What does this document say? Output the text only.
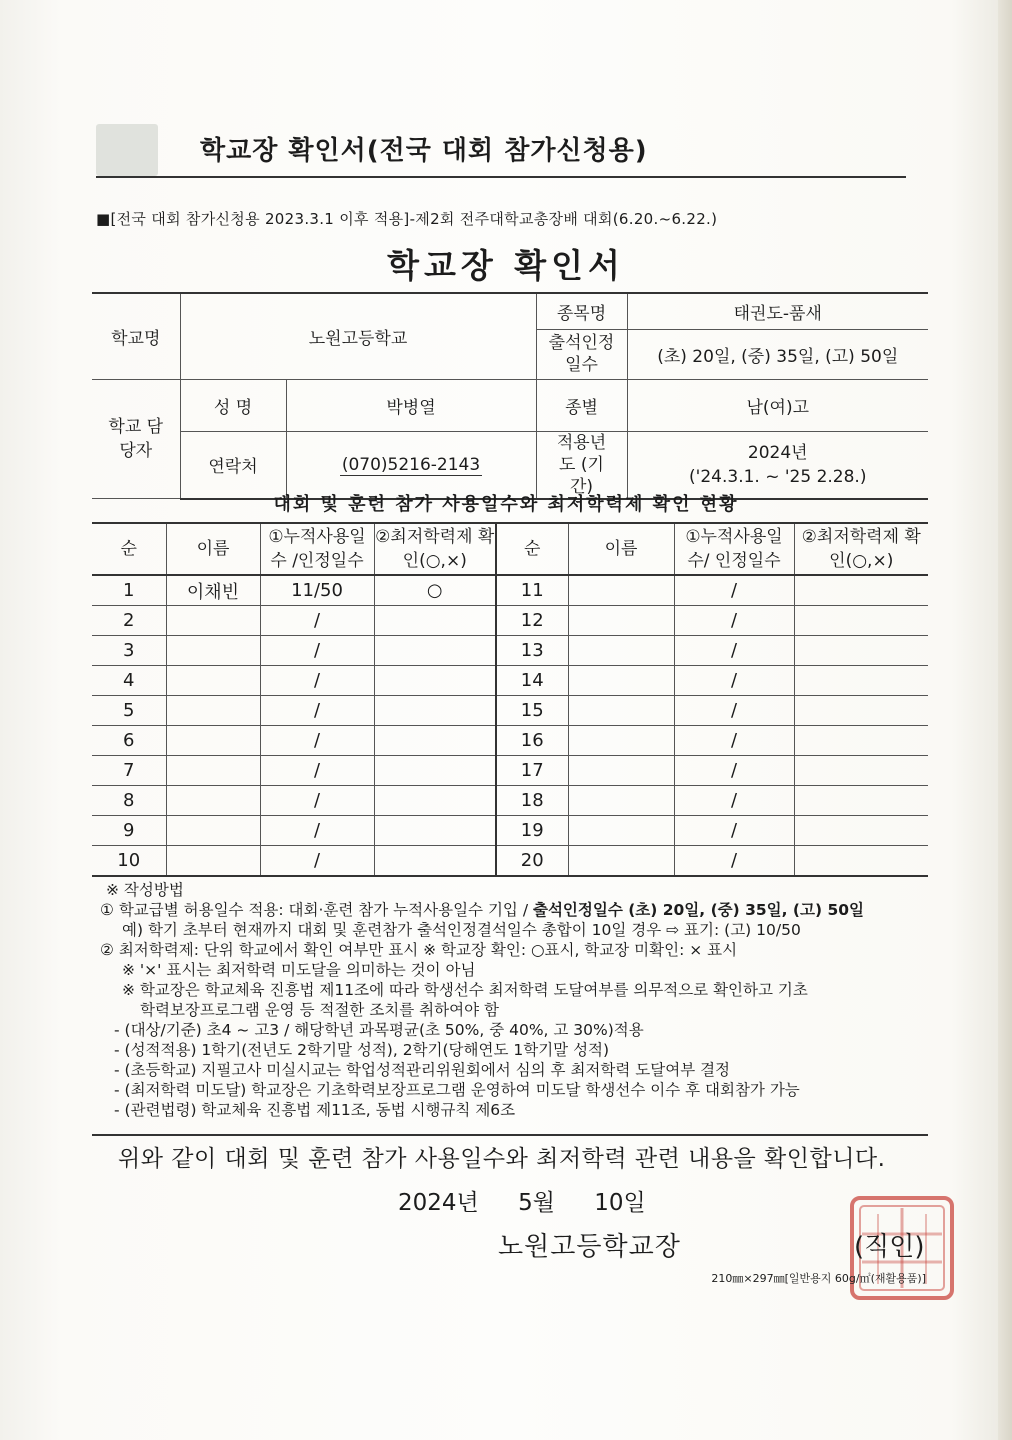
학교장 확인서(전국 대회 참가신청용)
■[전국 대회 참가신청용 2023.3.1 이후 적용]-제2회 전주대학교총장배 대회(6.20.~6.22.)
학교장 확인서
학교명	노원고등학교		종목명	태권도-품새
			출석인정 일수	(초) 20일, (중) 35일, (고) 50일
학교 담당자	성 명	박병열	종별	남(여)고
	연락처	(070)5216-2143	적용년도 (기간)	2024년
('24.3.1. ~ '25 2.28.)
대회 및 훈련 참가 사용일수와 최저학력제 확인 현황
순	이름	①누적사용일수 /인정일수	②최저학력제 확인(○,×)	순	이름	①누적사용일수/ 인정일수	②최저학력제 확인(○,×)
1	이채빈	11/50	○	11		/	
2		/		12		/	
3		/		13		/	
4		/		14		/	
5		/		15		/	
6		/		16		/	
7		/		17		/	
8		/		18		/	
9		/		19		/	
10		/		20		/	
※ 작성방법
① 학교급별 허용일수 적용: 대회·훈련 참가 누적사용일수 기입 / 출석인정일수 (초) 20일, (중) 35일, (고) 50일
예) 학기 초부터 현재까지 대회 및 훈련참가 출석인정결석일수 총합이 10일 경우 ⇨ 표기: (고) 10/50
② 최저학력제: 단위 학교에서 확인 여부만 표시 ※ 학교장 확인: ○표시, 학교장 미확인: × 표시
※ '×' 표시는 최저학력 미도달을 의미하는 것이 아님
※ 학교장은 학교체육 진흥법 제11조에 따라 학생선수 최저학력 도달여부를 의무적으로 확인하고 기초
학력보장프로그램 운영 등 적절한 조치를 취하여야 함
- (대상/기준) 초4 ~ 고3 / 해당학년 과목평균(초 50%, 중 40%, 고 30%)적용
- (성적적용) 1학기(전년도 2학기말 성적), 2학기(당해연도 1학기말 성적)
- (초등학교) 지필고사 미실시교는 학업성적관리위원회에서 심의 후 최저학력 도달여부 결정
- (최저학력 미도달) 학교장은 기초학력보장프로그램 운영하여 미도달 학생선수 이수 후 대회참가 가능
- (관련법령) 학교체육 진흥법 제11조, 동법 시행규칙 제6조
위와 같이 대회 및 훈련 참가 사용일수와 최저학력 관련 내용을 확인합니다.
2024년 5월 10일
노원고등학교장	(직인)
210㎜×297㎜[일반용지 60g/㎡(재활용품)]
